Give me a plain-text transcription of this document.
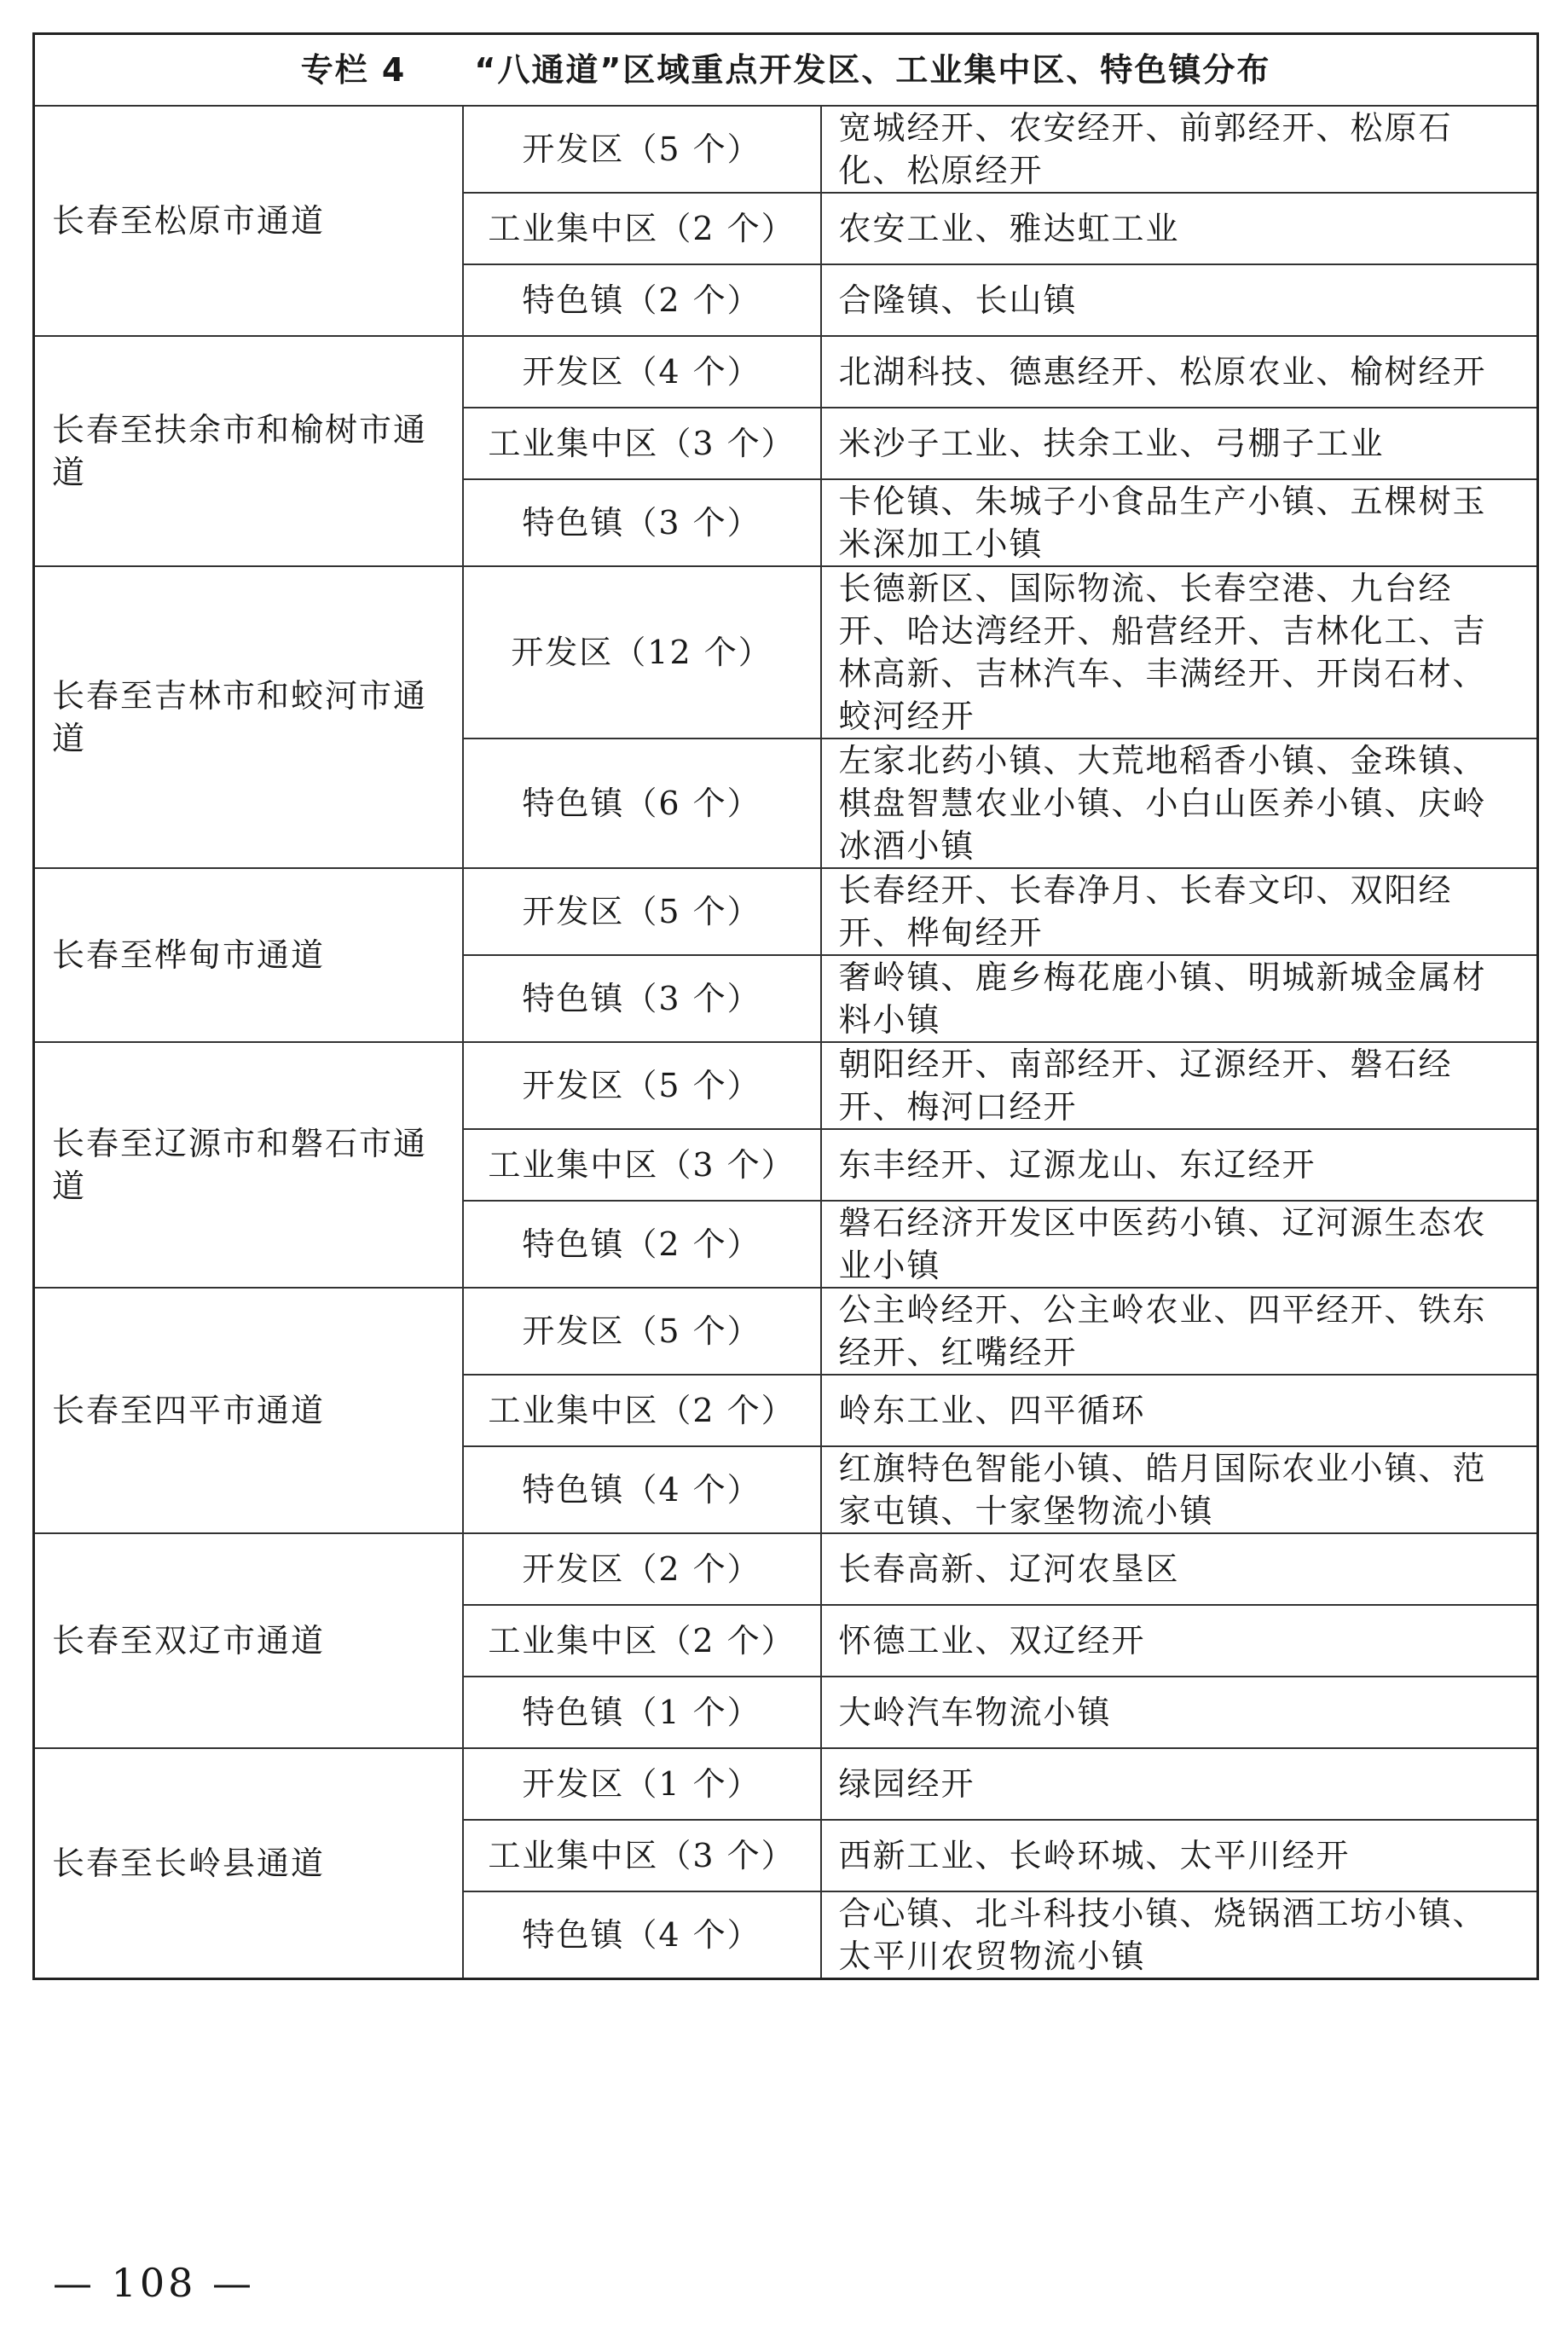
专栏 4 “八通道”区域重点开发区、工业集中区、特色镇分布		
长春至松原市通道	开发区（5 个）	宽城经开、农安经开、前郭经开、松原石化、松原经开
	工业集中区（2 个）	农安工业、雅达虹工业
	特色镇（2 个）	合隆镇、长山镇
长春至扶余市和榆树市通道	开发区（4 个）	北湖科技、德惠经开、松原农业、榆树经开
	工业集中区（3 个）	米沙子工业、扶余工业、弓棚子工业
	特色镇（3 个）	卡伦镇、朱城子小食品生产小镇、五棵树玉米深加工小镇
长春至吉林市和蛟河市通道	开发区（12 个）	长德新区、国际物流、长春空港、九台经开、哈达湾经开、船营经开、吉林化工、吉林高新、吉林汽车、丰满经开、开岗石材、蛟河经开
	特色镇（6 个）	左家北药小镇、大荒地稻香小镇、金珠镇、棋盘智慧农业小镇、小白山医养小镇、庆岭冰酒小镇
长春至桦甸市通道	开发区（5 个）	长春经开、长春净月、长春文印、双阳经开、桦甸经开
	特色镇（3 个）	奢岭镇、鹿乡梅花鹿小镇、明城新城金属材料小镇
长春至辽源市和磐石市通道	开发区（5 个）	朝阳经开、南部经开、辽源经开、磐石经开、梅河口经开
	工业集中区（3 个）	东丰经开、辽源龙山、东辽经开
	特色镇（2 个）	磐石经济开发区中医药小镇、辽河源生态农业小镇
长春至四平市通道	开发区（5 个）	公主岭经开、公主岭农业、四平经开、铁东经开、红嘴经开
	工业集中区（2 个）	岭东工业、四平循环
	特色镇（4 个）	红旗特色智能小镇、皓月国际农业小镇、范家屯镇、十家堡物流小镇
长春至双辽市通道	开发区（2 个）	长春高新、辽河农垦区
	工业集中区（2 个）	怀德工业、双辽经开
	特色镇（1 个）	大岭汽车物流小镇
长春至长岭县通道	开发区（1 个）	绿园经开
	工业集中区（3 个）	西新工业、长岭环城、太平川经开
	特色镇（4 个）	合心镇、北斗科技小镇、烧锅酒工坊小镇、太平川农贸物流小镇
— 108 —
